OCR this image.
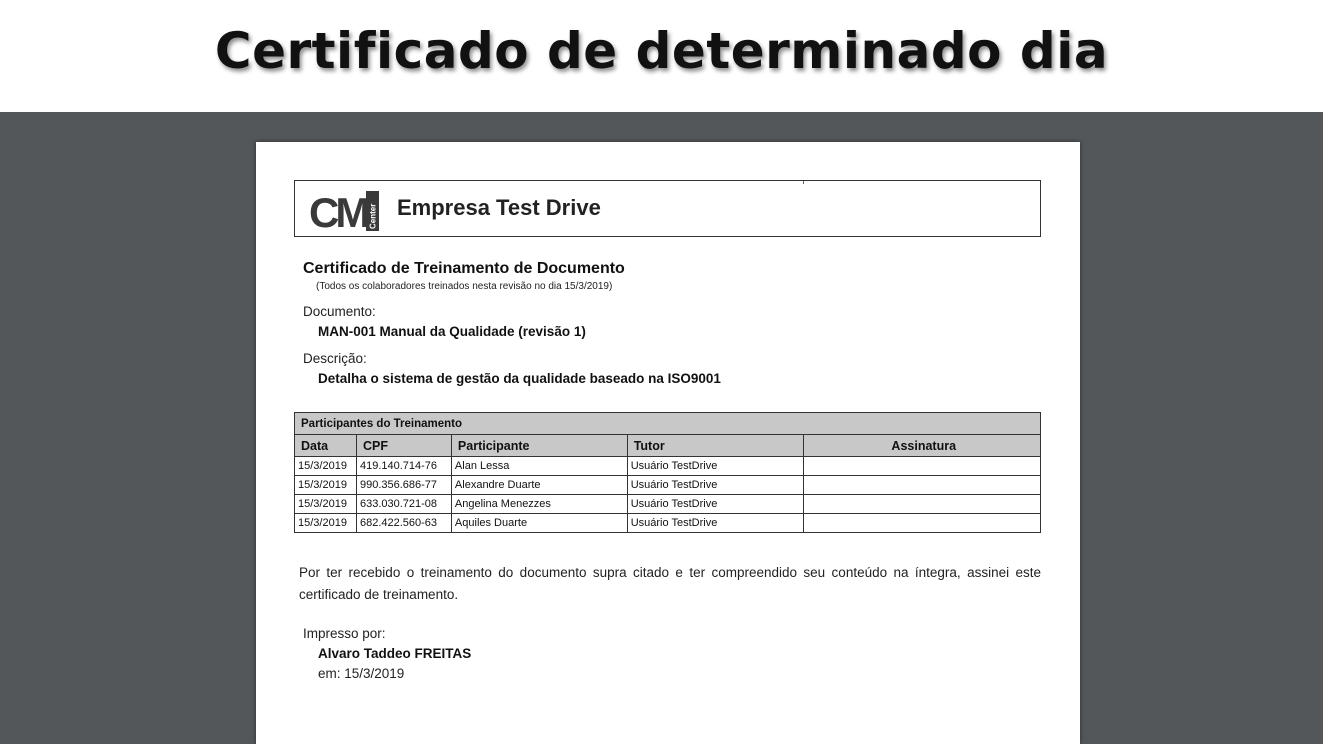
Certificado de determinado dia
CM Center Empresa Test Drive
Certificado de Treinamento de Documento
(Todos os colaboradores treinados nesta revisão no dia 15/3/2019)
Documento:
MAN-001 Manual da Qualidade (revisão 1)
Descrição:
Detalha o sistema de gestão da qualidade baseado na ISO9001
Participantes do Treinamento				
Data	CPF	Participante	Tutor	Assinatura
15/3/2019	419.140.714-76	Alan Lessa	Usuário TestDrive	
15/3/2019	990.356.686-77	Alexandre Duarte	Usuário TestDrive	
15/3/2019	633.030.721-08	Angelina Menezzes	Usuário TestDrive	
15/3/2019	682.422.560-63	Aquiles Duarte	Usuário TestDrive	
Por ter recebido o treinamento do documento supra citado e ter compreendido seu conteúdo na íntegra, assinei este certificado de treinamento.
Impresso por:
Alvaro Taddeo FREITAS
em: 15/3/2019
